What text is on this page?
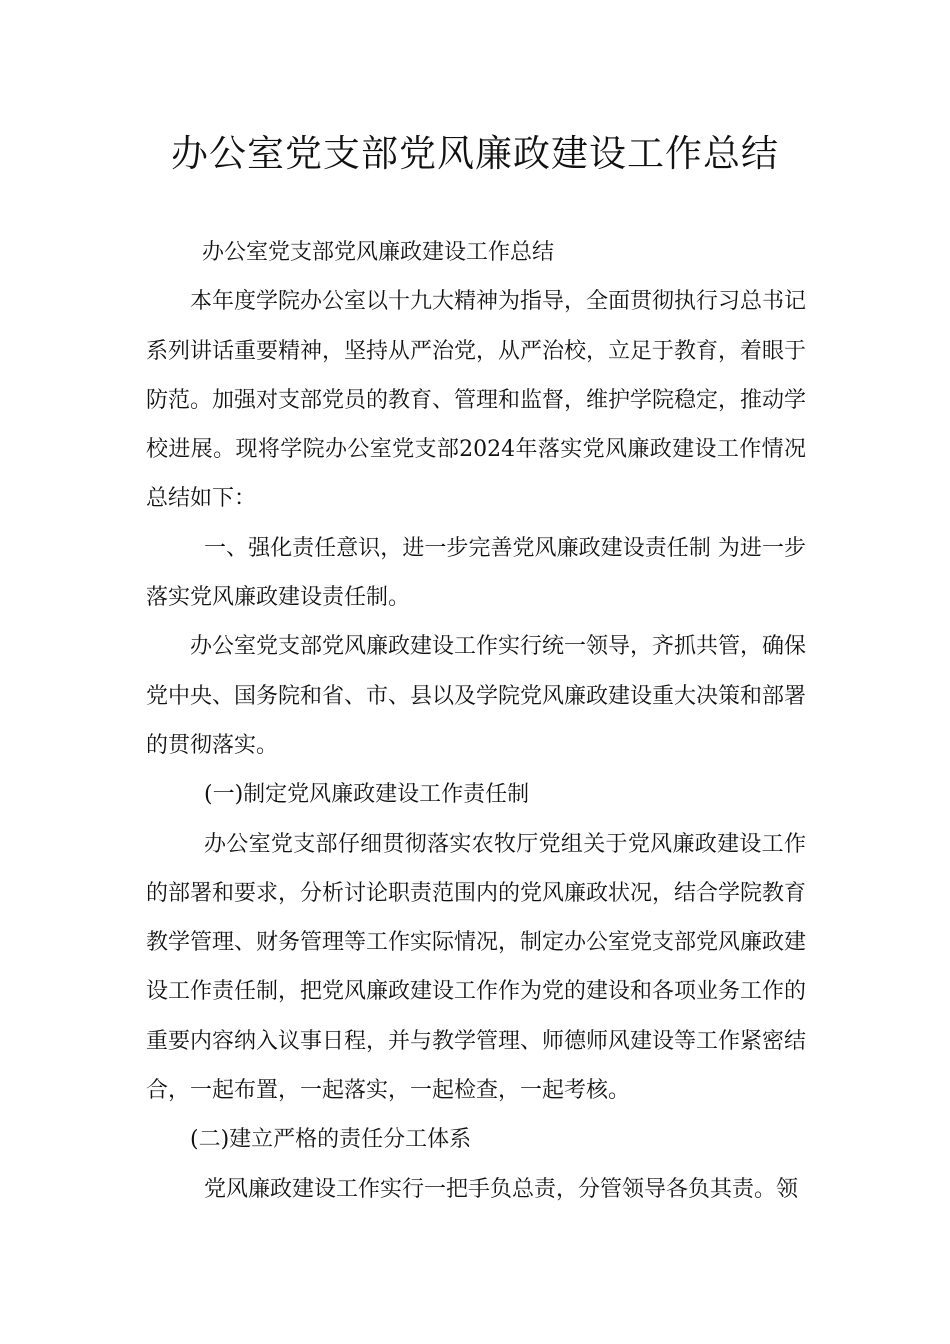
办公室党支部党风廉政建设工作总结

办公室党支部党风廉政建设工作总结

本年度学院办公室以十九大精神为指导，全面贯彻执行习总书记系列讲话重要精神，坚持从严治党，从严治校，立足于教育，着眼于防范。加强对支部党员的教育、管理和监督，维护学院稳定，推动学校进展。现将学院办公室党支部2024年落实党风廉政建设工作情况总结如下：

一、强化责任意识，进一步完善党风廉政建设责任制 为进一步落实党风廉政建设责任制。

办公室党支部党风廉政建设工作实行统一领导，齐抓共管，确保党中央、国务院和省、市、县以及学院党风廉政建设重大决策和部署的贯彻落实。

(一)制定党风廉政建设工作责任制

办公室党支部仔细贯彻落实农牧厅党组关于党风廉政建设工作的部署和要求，分析讨论职责范围内的党风廉政状况，结合学院教育教学管理、财务管理等工作实际情况，制定办公室党支部党风廉政建设工作责任制，把党风廉政建设工作作为党的建设和各项业务工作的重要内容纳入议事日程，并与教学管理、师德师风建设等工作紧密结合，一起布置，一起落实，一起检查，一起考核。

(二)建立严格的责任分工体系

党风廉政建设工作实行一把手负总责，分管领导各负其责。领
